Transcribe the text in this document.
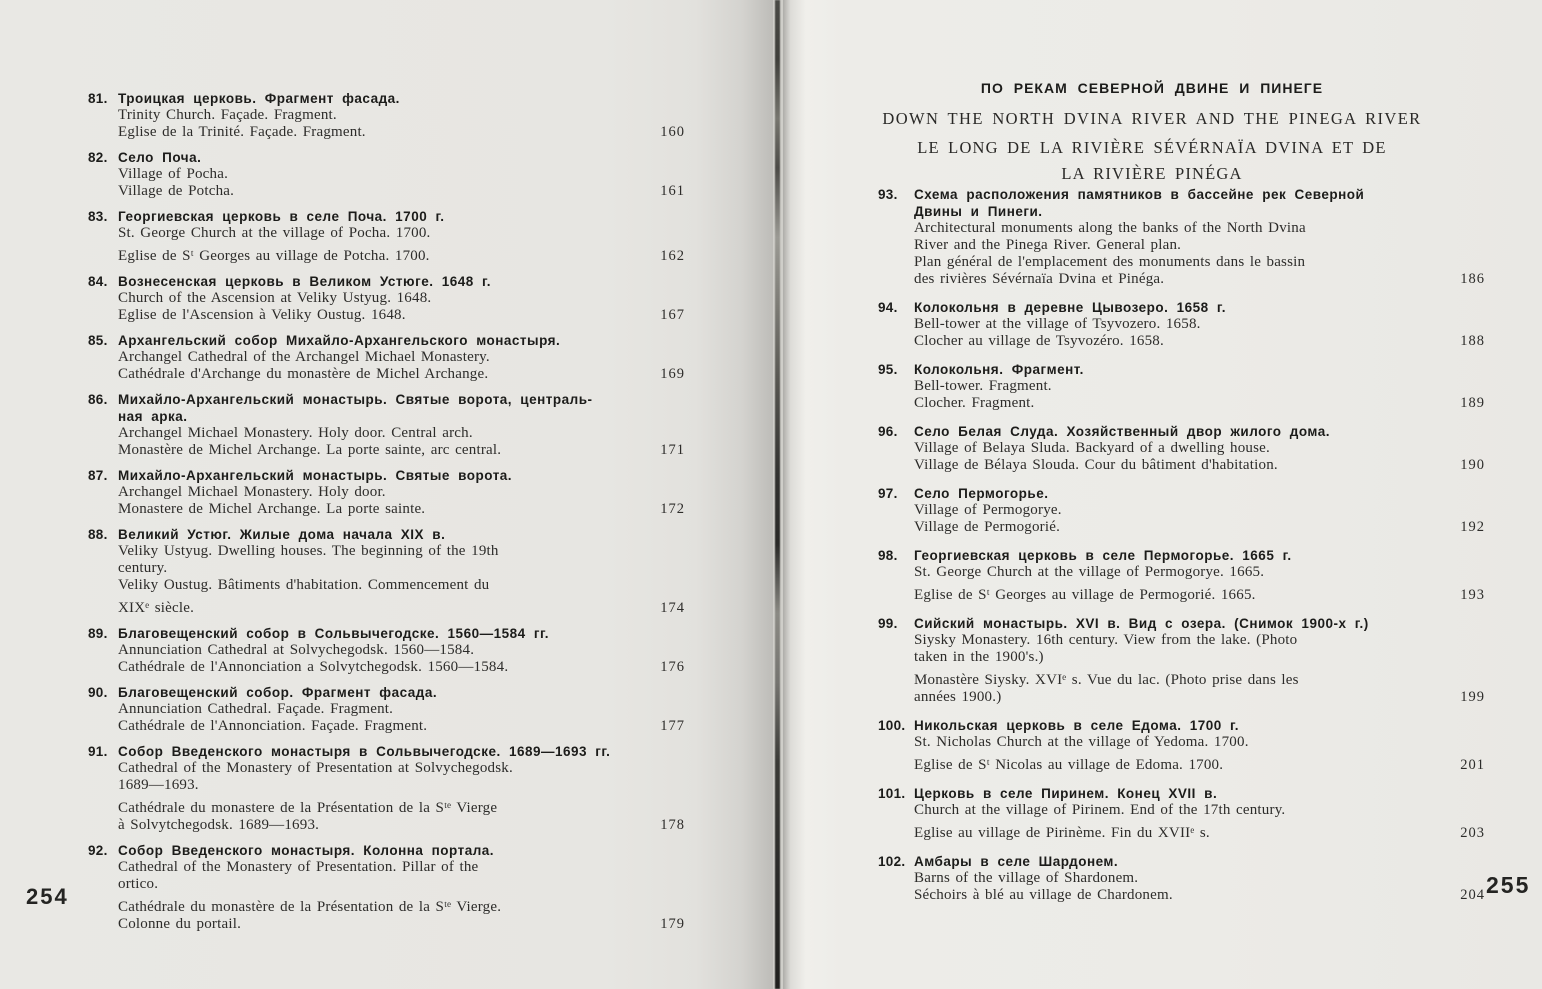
81. Троицкая церковь. Фрагмент фасада.
Trinity Church. Façade. Fragment.
Eglise de la Trinité. Façade. Fragment.	160
82. Село Поча.
Village of Pocha.
Village de Potcha.	161
83. Георгиевская церковь в селе Поча. 1700 г.
St. George Church at the village of Pocha. 1700.
Eglise de Sᵗ Georges au village de Potcha. 1700.	162
84. Вознесенская церковь в Великом Устюге. 1648 г.
Church of the Ascension at Veliky Ustyug. 1648.
Eglise de l'Ascension à Veliky Oustug. 1648.	167
85. Архангельский собор Михайло-Архангельского монастыря.
Archangel Cathedral of the Archangel Michael Monastery.
Cathédrale d'Archange du monastère de Michel Archange.	169
86. Михайло-Архангельский монастырь. Святые ворота, централь-
ная арка.
Archangel Michael Monastery. Holy door. Central arch.
Monastère de Michel Archange. La porte sainte, arc central.	171
87. Михайло-Архангельский монастырь. Святые ворота.
Archangel Michael Monastery. Holy door.
Monastere de Michel Archange. La porte sainte.	172
88. Великий Устюг. Жилые дома начала XIX в.
Veliky Ustyug. Dwelling houses. The beginning of the 19th
century.
Veliky Oustug. Bâtiments d'habitation. Commencement du
XIXᵉ siècle.	174
89. Благовещенский собор в Сольвычегодске. 1560—1584 гг.
Annunciation Cathedral at Solvychegodsk. 1560—1584.
Cathédrale de l'Annonciation a Solvytchegodsk. 1560—1584.	176
90. Благовещенский собор. Фрагмент фасада.
Annunciation Cathedral. Façade. Fragment.
Cathédrale de l'Annonciation. Façade. Fragment.	177
91. Собор Введенского монастыря в Сольвычегодске. 1689—1693 гг.
Cathedral of the Monastery of Presentation at Solvychegodsk.
1689—1693.
Cathédrale du monastere de la Présentation de la Sᵗᵉ Vierge
à Solvytchegodsk. 1689—1693.	178
92. Собор Введенского монастыря. Колонна портала.
Cathedral of the Monastery of Presentation. Pillar of the
ortico.
Cathédrale du monastère de la Présentation de la Sᵗᵉ Vierge.
Colonne du portail.	179
254
ПО РЕКАМ СЕВЕРНОЙ ДВИНЕ И ПИНЕГЕ
DOWN THE NORTH DVINA RIVER AND THE PINEGA RIVER
LE LONG DE LA RIVIÈRE SÉVÉRNAÏA DVINA ET DE
LA RIVIÈRE PINÉGA
93.	Схема расположения памятников в бассейне рек Северной
Двины и Пинеги.
Architectural monuments along the banks of the North Dvina
River and the Pinega River. General plan.
Plan général de l'emplacement des monuments dans le bassin
des rivières Sévérnaïa Dvina et Pinéga.	186
94.	Колокольня в деревне Цывозеро. 1658 г.
Bell-tower at the village of Tsyvozero. 1658.
Clocher au village de Tsyvozéro. 1658.	188
95.	Колокольня. Фрагмент.
Bell-tower. Fragment.
Clocher. Fragment.	189
96.	Село Белая Слуда. Хозяйственный двор жилого дома.
Village of Belaya Sluda. Backyard of a dwelling house.
Village de Bélaya Slouda. Cour du bâtiment d'habitation.	190
97.	Село Пермогорье.
Village of Permogorye.
Village de Permogorié.	192
98.	Георгиевская церковь в селе Пермогорье. 1665 г.
St. George Church at the village of Permogorye. 1665.
Eglise de Sᵗ Georges au village de Permogorié. 1665.	193
99.	Сийский монастырь. XVI в. Вид с озера. (Снимок 1900-х г.)
Siysky Monastery. 16th century. View from the lake. (Photo
taken in the 1900's.)
Monastère Siysky. XVIᵉ s. Vue du lac. (Photo prise dans les
années 1900.)	199
100. Никольская церковь в селе Едома. 1700 г.
St. Nicholas Church at the village of Yedoma. 1700.
Eglise de Sᵗ Nicolas au village de Edoma. 1700.	201
101. Церковь в селе Пиринем. Конец XVII в.
Church at the village of Pirinem. End of the 17th century.
Eglise au village de Pirinème. Fin du XVIIᵉ s.	203
102. Амбары в селе Шардонем.
Barns of the village of Shardonem.
Séchoirs à blé au village de Chardonem.	204 255
